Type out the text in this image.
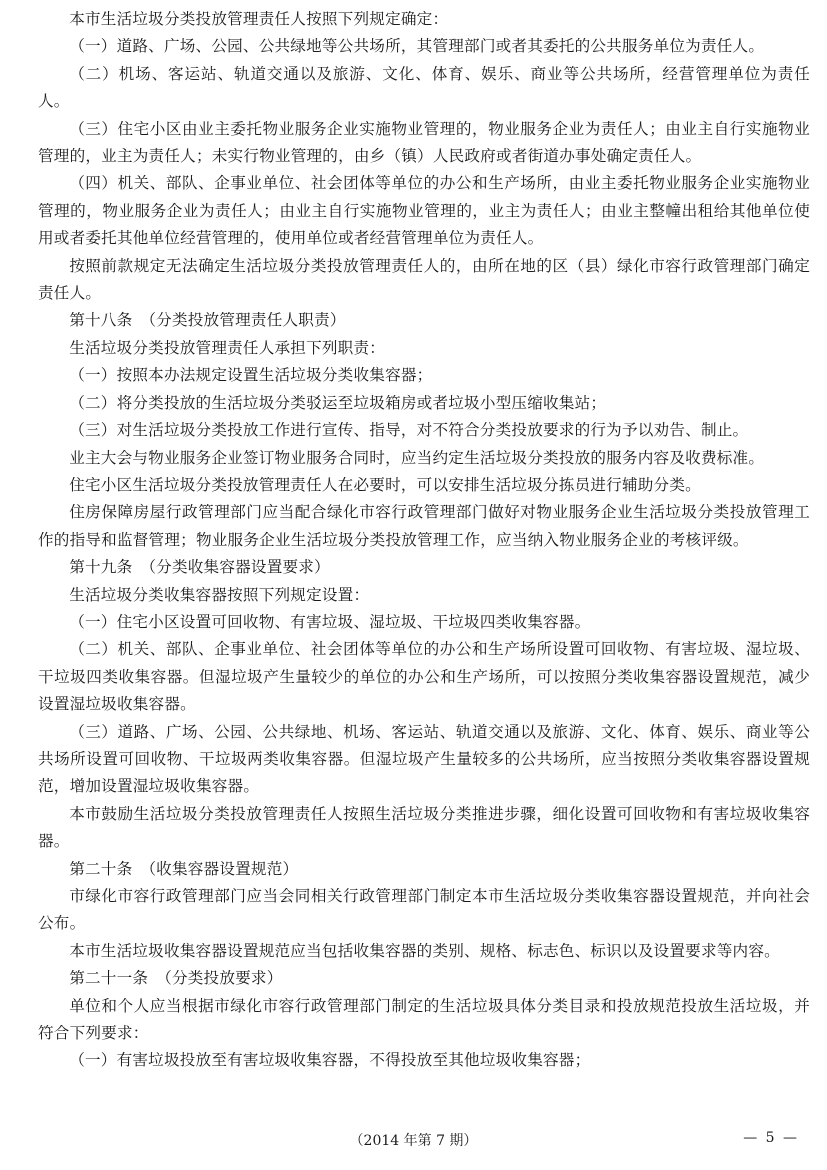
本市生活垃圾分类投放管理责任人按照下列规定确定：

（一）道路、广场、公园、公共绿地等公共场所，其管理部门或者其委托的公共服务单位为责任人。

（二）机场、客运站、轨道交通以及旅游、文化、体育、娱乐、商业等公共场所，经营管理单位为责任人。

（三）住宅小区由业主委托物业服务企业实施物业管理的，物业服务企业为责任人；由业主自行实施物业管理的，业主为责任人；未实行物业管理的，由乡（镇）人民政府或者街道办事处确定责任人。

（四）机关、部队、企事业单位、社会团体等单位的办公和生产场所，由业主委托物业服务企业实施物业管理的，物业服务企业为责任人；由业主自行实施物业管理的，业主为责任人；由业主整幢出租给其他单位使用或者委托其他单位经营管理的，使用单位或者经营管理单位为责任人。

按照前款规定无法确定生活垃圾分类投放管理责任人的，由所在地的区（县）绿化市容行政管理部门确定责任人。

第十八条　（分类投放管理责任人职责）

生活垃圾分类投放管理责任人承担下列职责：

（一）按照本办法规定设置生活垃圾分类收集容器；

（二）将分类投放的生活垃圾分类驳运至垃圾箱房或者垃圾小型压缩收集站；

（三）对生活垃圾分类投放工作进行宣传、指导，对不符合分类投放要求的行为予以劝告、制止。

业主大会与物业服务企业签订物业服务合同时，应当约定生活垃圾分类投放的服务内容及收费标准。

住宅小区生活垃圾分类投放管理责任人在必要时，可以安排生活垃圾分拣员进行辅助分类。

住房保障房屋行政管理部门应当配合绿化市容行政管理部门做好对物业服务企业生活垃圾分类投放管理工作的指导和监督管理；物业服务企业生活垃圾分类投放管理工作，应当纳入物业服务企业的考核评级。

第十九条　（分类收集容器设置要求）

生活垃圾分类收集容器按照下列规定设置：

（一）住宅小区设置可回收物、有害垃圾、湿垃圾、干垃圾四类收集容器。

（二）机关、部队、企事业单位、社会团体等单位的办公和生产场所设置可回收物、有害垃圾、湿垃圾、干垃圾四类收集容器。但湿垃圾产生量较少的单位的办公和生产场所，可以按照分类收集容器设置规范，减少设置湿垃圾收集容器。

（三）道路、广场、公园、公共绿地、机场、客运站、轨道交通以及旅游、文化、体育、娱乐、商业等公共场所设置可回收物、干垃圾两类收集容器。但湿垃圾产生量较多的公共场所，应当按照分类收集容器设置规范，增加设置湿垃圾收集容器。

本市鼓励生活垃圾分类投放管理责任人按照生活垃圾分类推进步骤，细化设置可回收物和有害垃圾收集容器。

第二十条　（收集容器设置规范）

市绿化市容行政管理部门应当会同相关行政管理部门制定本市生活垃圾分类收集容器设置规范，并向社会公布。

本市生活垃圾收集容器设置规范应当包括收集容器的类别、规格、标志色、标识以及设置要求等内容。

第二十一条　（分类投放要求）

单位和个人应当根据市绿化市容行政管理部门制定的生活垃圾具体分类目录和投放规范投放生活垃圾，并符合下列要求：

（一）有害垃圾投放至有害垃圾收集容器，不得投放至其他垃圾收集容器；

（2014 年第 7 期）	— 5 —
